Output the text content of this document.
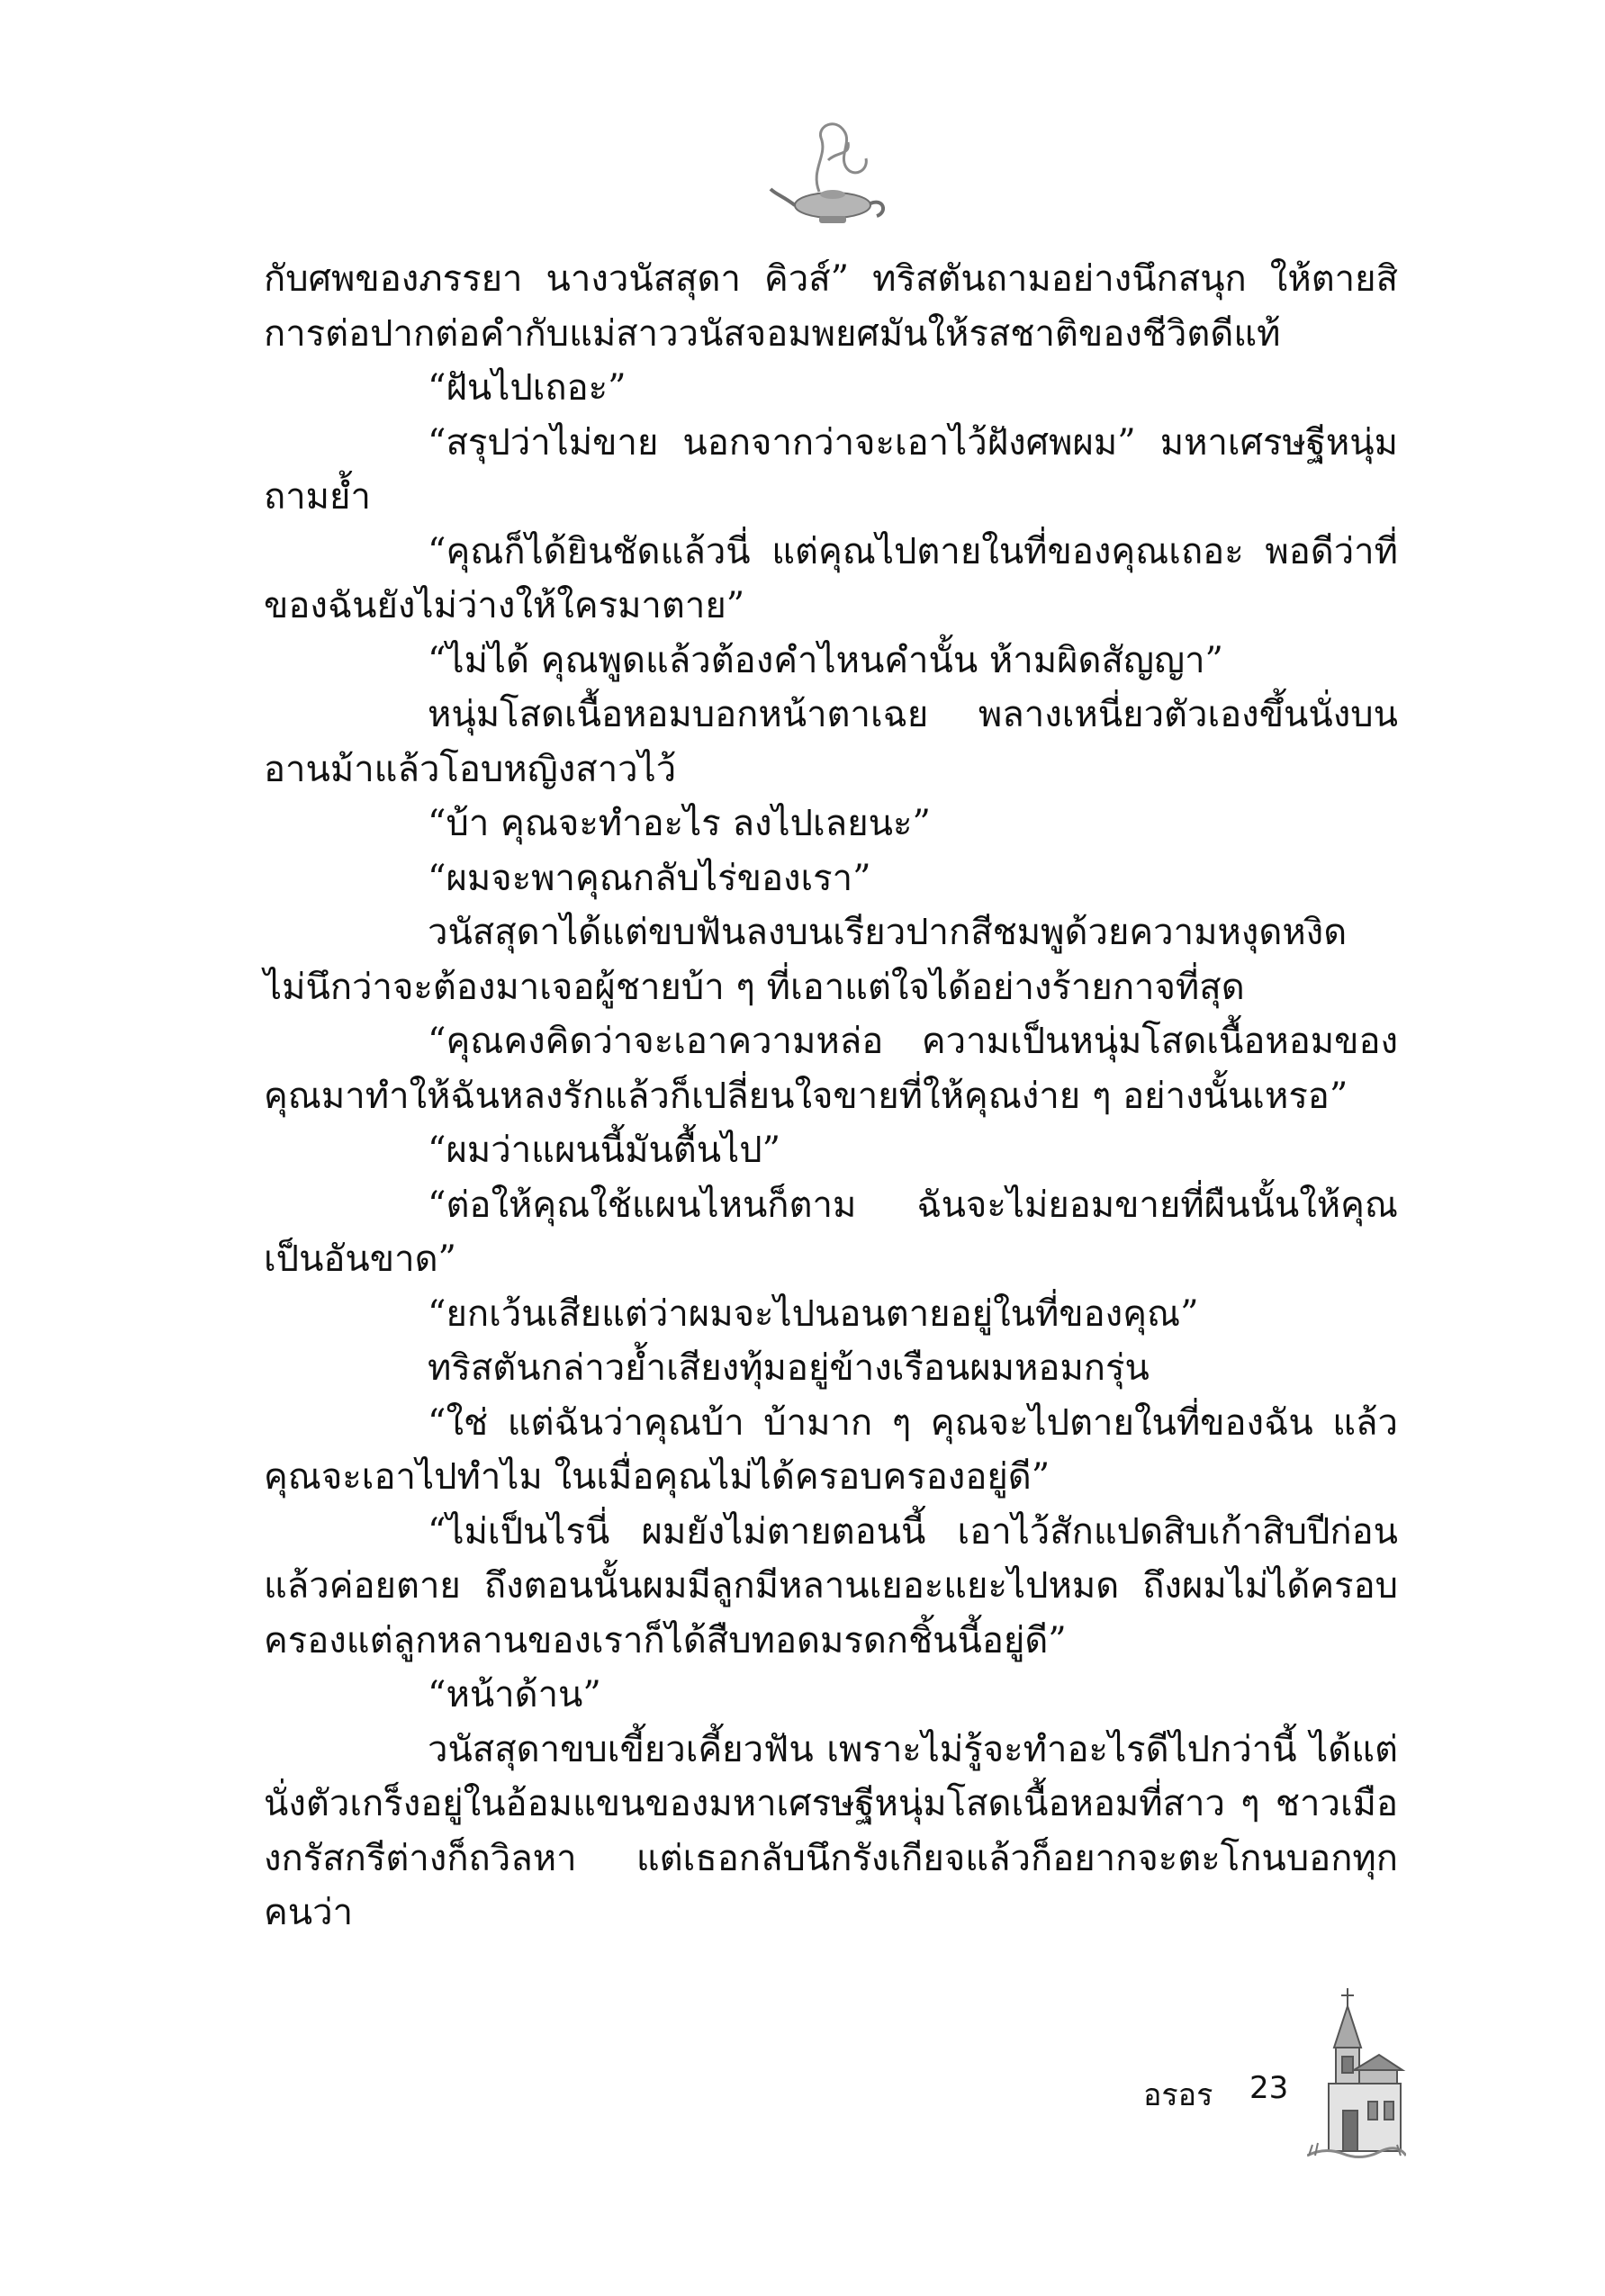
กับศพของภรรยา นางวนัสสุดา คิวส์” ทริสตันถามอย่างนึกสนุก ให้ตายสิ การต่อปากต่อคำกับแม่สาววนัสจอมพยศมันให้รสชาติของชีวิตดีแท้

“ฝันไปเถอะ”

“สรุปว่าไม่ขาย นอกจากว่าจะเอาไว้ฝังศพผม” มหาเศรษฐีหนุ่มถามย้ำ

“คุณก็ได้ยินชัดแล้วนี่ แต่คุณไปตายในที่ของคุณเถอะ พอดีว่าที่ของฉันยังไม่ว่างให้ใครมาตาย”

“ไม่ได้ คุณพูดแล้วต้องคำไหนคำนั้น ห้ามผิดสัญญา”

หนุ่มโสดเนื้อหอมบอกหน้าตาเฉย พลางเหนี่ยวตัวเองขึ้นนั่งบนอานม้าแล้วโอบหญิงสาวไว้

“บ้า คุณจะทำอะไร ลงไปเลยนะ”

“ผมจะพาคุณกลับไร่ของเรา”

วนัสสุดาได้แต่ขบฟันลงบนเรียวปากสีชมพูด้วยความหงุดหงิด ไม่นึกว่าจะต้องมาเจอผู้ชายบ้า ๆ ที่เอาแต่ใจได้อย่างร้ายกาจที่สุด

“คุณคงคิดว่าจะเอาความหล่อ ความเป็นหนุ่มโสดเนื้อหอมของคุณมาทำให้ฉันหลงรักแล้วก็เปลี่ยนใจขายที่ให้คุณง่าย ๆ อย่างนั้นเหรอ”

“ผมว่าแผนนี้มันตื้นไป”

“ต่อให้คุณใช้แผนไหนก็ตาม ฉันจะไม่ยอมขายที่ผืนนั้นให้คุณเป็นอันขาด”

“ยกเว้นเสียแต่ว่าผมจะไปนอนตายอยู่ในที่ของคุณ”

ทริสตันกล่าวย้ำเสียงทุ้มอยู่ข้างเรือนผมหอมกรุ่น

“ใช่ แต่ฉันว่าคุณบ้า บ้ามาก ๆ คุณจะไปตายในที่ของฉัน แล้วคุณจะเอาไปทำไม ในเมื่อคุณไม่ได้ครอบครองอยู่ดี”

“ไม่เป็นไรนี่ ผมยังไม่ตายตอนนี้ เอาไว้สักแปดสิบเก้าสิบปีก่อนแล้วค่อยตาย ถึงตอนนั้นผมมีลูกมีหลานเยอะแยะไปหมด ถึงผมไม่ได้ครอบครองแต่ลูกหลานของเราก็ได้สืบทอดมรดกชิ้นนี้อยู่ดี”

“หน้าด้าน”

วนัสสุดาขบเขี้ยวเคี้ยวฟัน เพราะไม่รู้จะทำอะไรดีไปกว่านี้ ได้แต่นั่งตัวเกร็งอยู่ในอ้อมแขนของมหาเศรษฐีหนุ่มโสดเนื้อหอมที่สาว ๆ ชาวเมืองกรัสกรีต่างก็ถวิลหา แต่เธอกลับนึกรังเกียจแล้วก็อยากจะตะโกนบอกทุกคนว่า

อรอร 23
